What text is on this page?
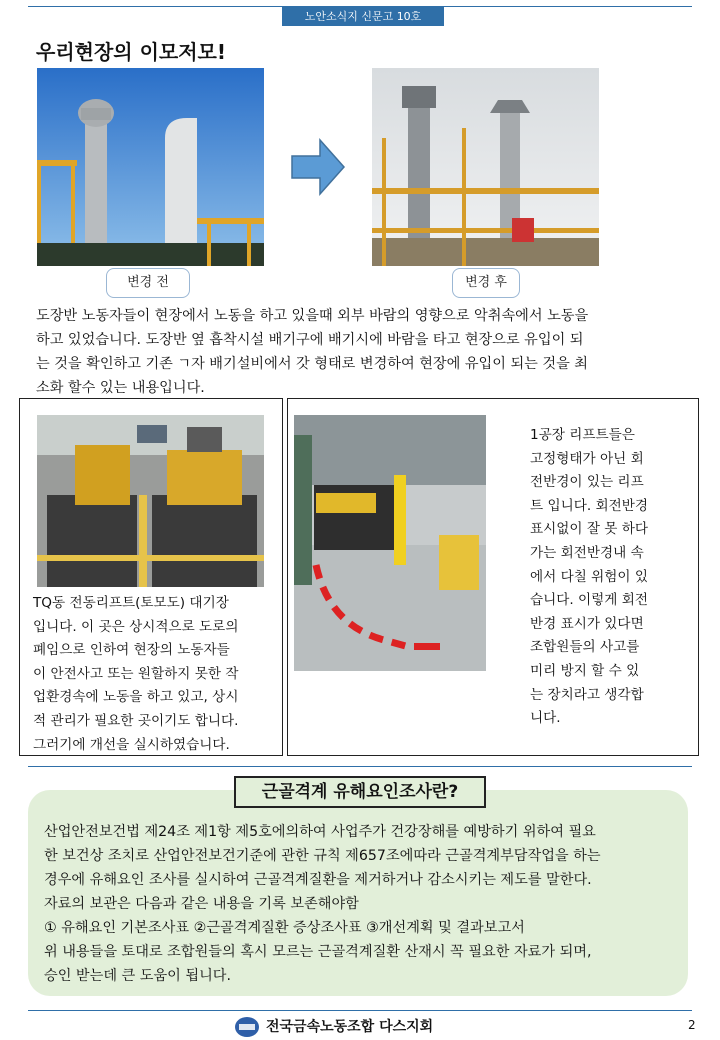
노안소식지 신문고 10호
우리현장의 이모저모!
변경 전	변경 후
도장반 노동자들이 현장에서 노동을 하고 있을때 외부 바람의 영향으로 악취속에서 노동을
하고 있었습니다. 도장반 옆 흡착시설 배기구에 배기시에 바람을 타고 현장으로 유입이 되
는 것을 확인하고 기존 ㄱ자 배기설비에서 갓 형태로 변경하여 현장에 유입이 되는 것을 최
소화 할수 있는 내용입니다.
TQ동 전동리프트(토모도) 대기장
입니다. 이 곳은 상시적으로 도로의
폐임으로 인하여 현장의 노동자들
이 안전사고 또는 원할하지 못한 작
업환경속에 노동을 하고 있고, 상시
적 관리가 필요한 곳이기도 합니다.
그러기에 개선을 실시하였습니다.
1공장 리프트들은
고정형태가 아닌 회
전반경이 있는 리프
트 입니다. 회전반경
표시없이 잘 못 하다
가는 회전반경내 속
에서 다칠 위험이 있
습니다. 이렇게 회전
반경 표시가 있다면
조합원들의 사고를
미리 방지 할 수 있
는 장치라고 생각합
니다.
근골격계 유해요인조사란?
산업안전보건법 제24조 제1항 제5호에의하여 사업주가 건강장해를 예방하기 위하여 필요
한 보건상 조치로 산업안전보건기준에 관한 규칙 제657조에따라 근골격계부담작업을 하는
경우에 유해요인 조사를 실시하여 근골격계질환을 제거하거나 감소시키는 제도를 말한다.
자료의 보관은 다음과 같은 내용을 기록 보존해야함
① 유해요인 기본조사표 ②근골격계질환 증상조사표 ③개선계획 및 결과보고서
위 내용들을 토대로 조합원들의 혹시 모르는 근골격계질환 산재시 꼭 필요한 자료가 되며,
승인 받는데 큰 도움이 됩니다.
전국금속노동조합 다스지회	2
